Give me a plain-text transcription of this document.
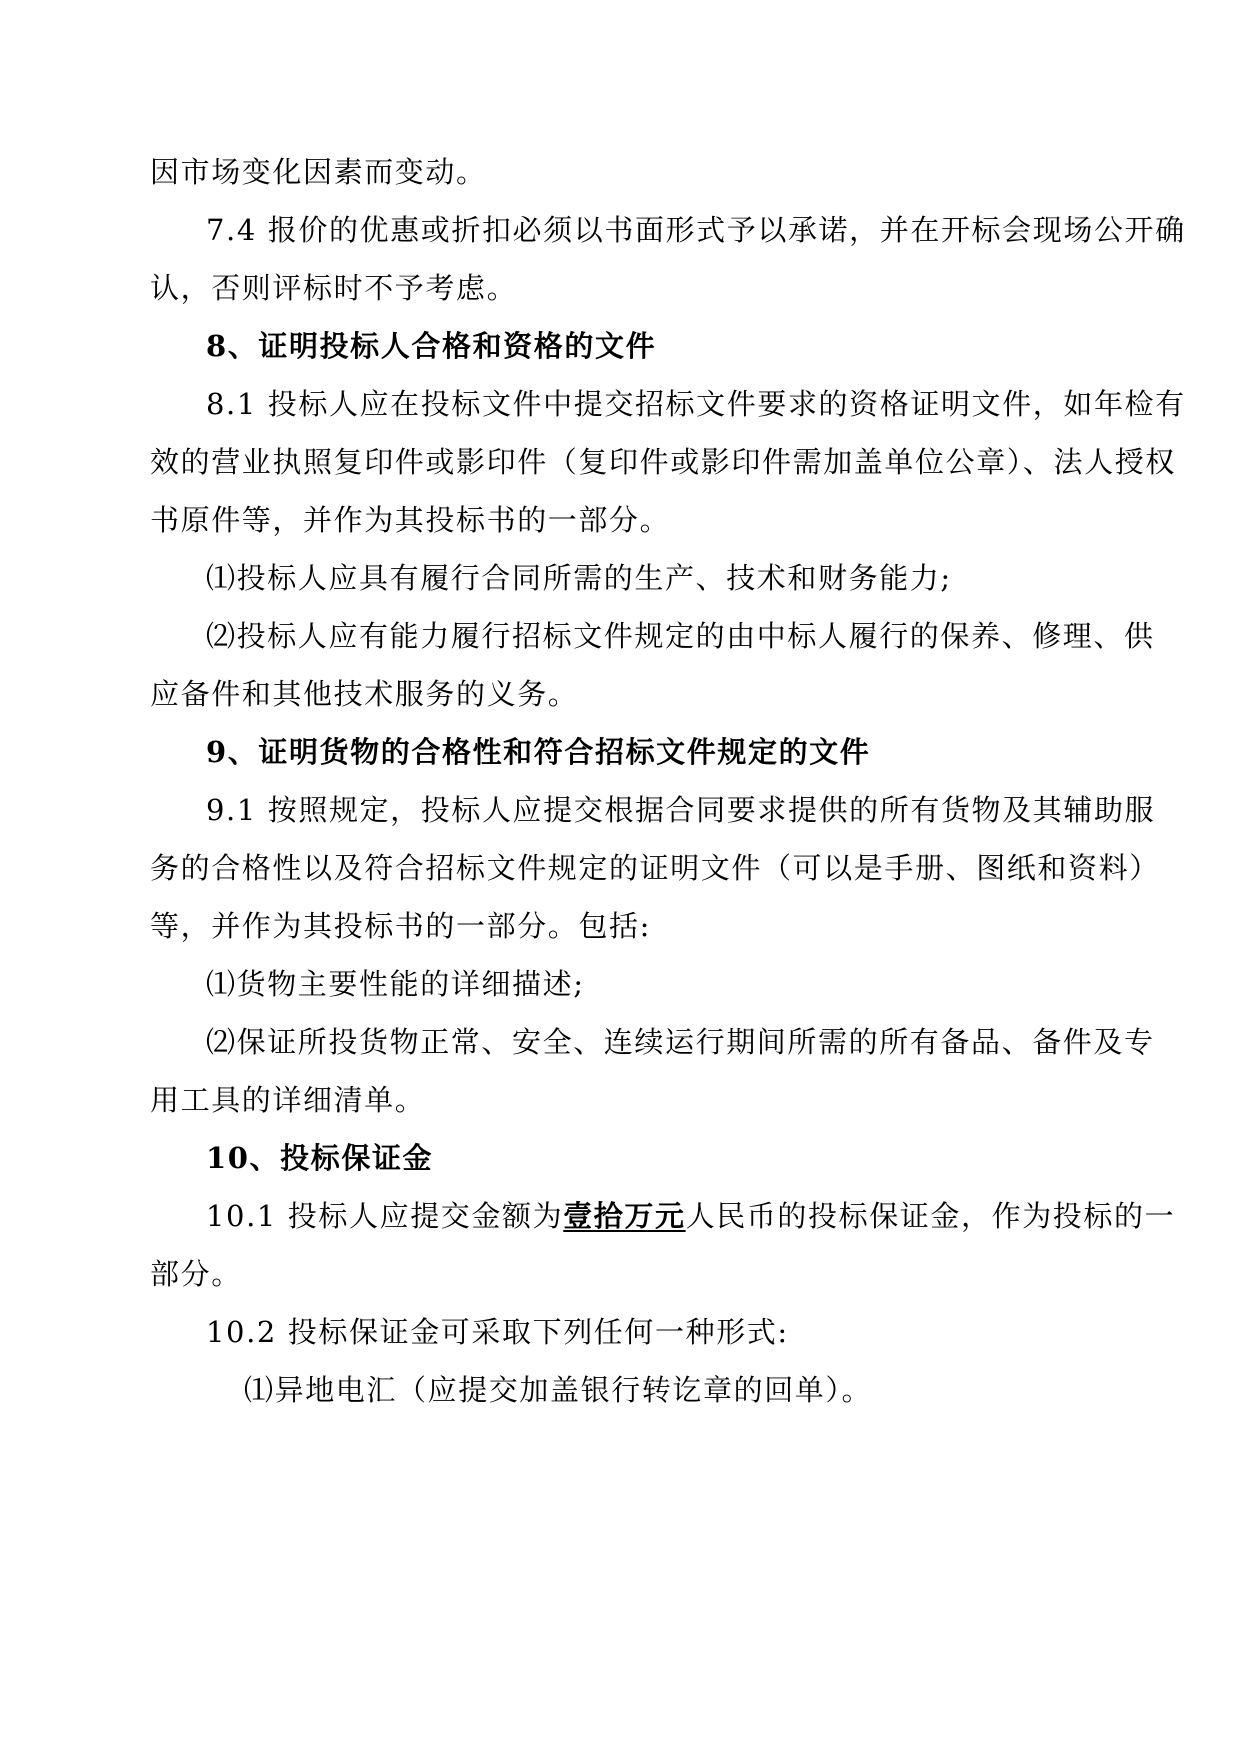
因市场变化因素而变动。
7.4 报价的优惠或折扣必须以书面形式予以承诺，并在开标会现场公开确
认，否则评标时不予考虑。
8、证明投标人合格和资格的文件
8.1 投标人应在投标文件中提交招标文件要求的资格证明文件，如年检有
效的营业执照复印件或影印件（复印件或影印件需加盖单位公章）、法人授权
书原件等，并作为其投标书的一部分。
⑴投标人应具有履行合同所需的生产、技术和财务能力;
⑵投标人应有能力履行招标文件规定的由中标人履行的保养、修理、供
应备件和其他技术服务的义务。
9、证明货物的合格性和符合招标文件规定的文件
9.1 按照规定，投标人应提交根据合同要求提供的所有货物及其辅助服
务的合格性以及符合招标文件规定的证明文件（可以是手册、图纸和资料）
等，并作为其投标书的一部分。包括:
⑴货物主要性能的详细描述;
⑵保证所投货物正常、安全、连续运行期间所需的所有备品、备件及专
用工具的详细清单。
10、投标保证金
10.1 投标人应提交金额为壹拾万元人民币的投标保证金，作为投标的一
部分。
10.2 投标保证金可采取下列任何一种形式:
⑴异地电汇（应提交加盖银行转讫章的回单）。
